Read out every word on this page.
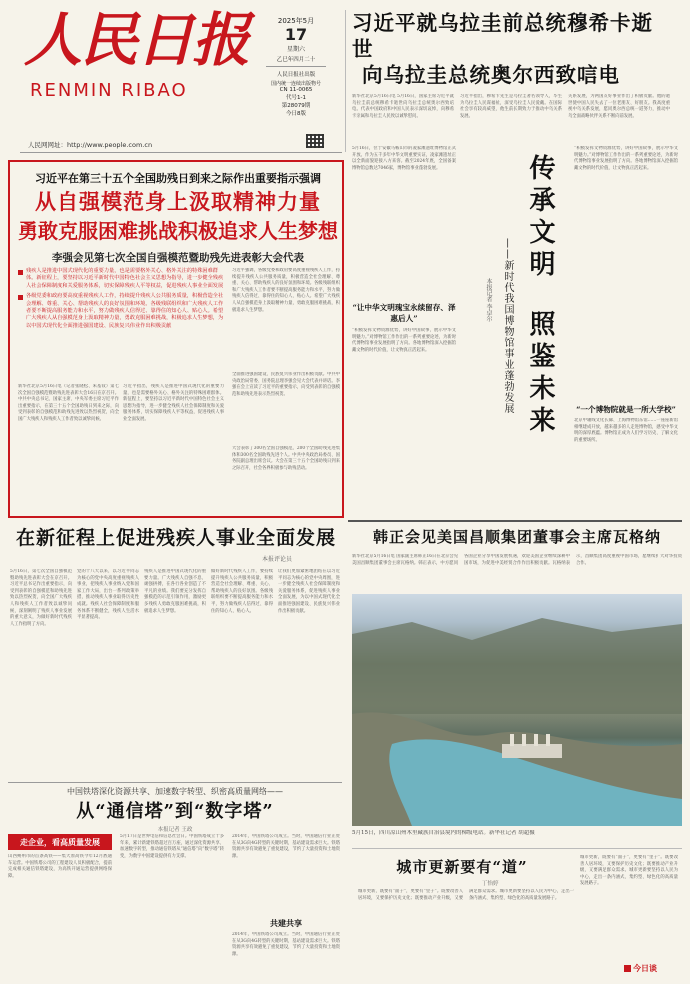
人民日报
RENMIN RIBAO
人民网网址：http://www.people.com.cn
2025年5月
17
星期六
乙巳年四月二十
人民日报社出版
国内统一连续出版物号
CN 11-0065
代号1-1
第28079期
今日8版
习近平就乌拉圭前总统穆希卡逝世
向乌拉圭总统奥尔西致唁电
新华社北京5月16日电 5月16日，国家主席习近平就乌拉圭前总统穆希卡逝世向乌拉圭总统奥尔西致唁电。代表中国政府和中国人民表示深切哀悼，向穆希卡亲属和乌拉圭人民致以诚挚慰问。
习近平指出，穆希卡先生是乌拉圭著名领导人，毕生为乌拉圭人民谋福祉，深受乌拉圭人民爱戴。在国际社会享有较高威望，他生前长期致力于推动中乌关系发展。
关系发展，为两国友好事业作出了积极贡献。他的逝世使中国人民失去了一位老朋友、好朋友。我高度重视中乌关系发展，愿同奥尔西总统一道努力，推动中乌全面战略伙伴关系不断向前发展。
习近平在第三十五个全国助残日到来之际作出重要指示强调
从自强模范身上汲取精神力量
勇敢克服困难挑战积极追求人生梦想
李强会见第七次全国自强模范暨助残先进表彰大会代表
残疾人是推进中国式现代化的重要力量，也是需要格外关心、格外关注的特殊困难群体。新征程上，要坚持以习近平新时代中国特色社会主义思想为指导，进一步健全残疾人社会保障制度和关爱服务体系，切实保障残疾人平等权益，促进残疾人事业全面发展
各级党委和政府要高度重视残疾人工作，持续提升残疾人公共服务质量，积极营造全社会理解、尊重、关心、帮助残疾人的良好氛围和环境。各级残联组织和广大残疾人工作者要不断提高服务能力和水平，努力做残疾人信得过、靠得住的知心人、贴心人。希望广大残疾人从自强模范身上汲取精神力量，勇敢克服困难挑战，积极追求人生梦想，为以中国式现代化全面推进强国建设、民族复兴伟业作出积极贡献
新华社北京5月16日电（记者张晓松、朱基钗）第七次全国自强模范暨助残先进表彰大会16日在京召开。中共中央总书记、国家主席、中央军委主席习近平作出重要指示，在第三十五个全国助残日到来之际，向受到表彰的自强模范和助残先进致以热烈祝贺，向全国广大残疾人和残疾人工作者致以诚挚问候。
习近平指出，残疾人是推进中国式现代化的重要力量，也是需要格外关心、格外关注的特殊困难群体。新征程上，要坚持以习近平新时代中国特色社会主义思想为指导，进一步健全残疾人社会保障制度和关爱服务体系，切实保障残疾人平等权益，促进残疾人事业全面发展。
习近平强调，各级党委和政府要高度重视残疾人工作，持续提升残疾人公共服务质量，积极营造全社会理解、尊重、关心、帮助残疾人的良好氛围和环境。各级残联组织和广大残疾人工作者要不断提高服务能力和水平，努力做残疾人信得过、靠得住的知心人、贴心人。希望广大残疾人从自强模范身上汲取精神力量，勇敢克服困难挑战，积极追求人生梦想。
全面推进强国建设、民族复兴伟业作出积极贡献。中共中央政治局常委、国务院总理李强会见大会代表并讲话。李强在会上宣读了习近平的重要指示，向受到表彰的自强模范和助残先进表示热烈祝贺。
大会表彰了300名全国自强模范、200个全国助残先进集体和300名全国助残先进个人。中共中央政治局委员、国务院副总理出席会议。大会在第三十五个全国助残日到来之际召开，社会各界积极参与助残活动。
5月16日，位于安徽马鞍山市的凌家滩遗址博物馆正式开放。作为五千多年中华文明重要实证，凌家滩遗址正以全新面貌迎接八方来客。截至2024年底，全国备案博物馆总数达7046家，博物馆事业蓬勃发展。	传承文明
照鉴未来
——新时代我国博物馆事业蓬勃发展
本报记者 李卓尔
“让中华文明瑰宝永续留存、泽惠后人”
“积极发挥文物资源优势，讲好中国故事，展示中华文明魅力。”对博物馆工作作出的一系列重要论述，为新时代博物馆事业发展指明了方向。各地博物馆深入挖掘馆藏文物的时代价值，让文物真正活起来。
“积极发挥文物资源优势，讲好中国故事，展示中华文明魅力。”对博物馆工作作出的一系列重要论述，为新时代博物馆事业发展指明了方向。各地博物馆深入挖掘馆藏文物的时代价值，让文物真正活起来。
“一个博物院就是一所大学校”
北京中轴线文化长廊、上海博物馆东馆……一座座新馆相继建成开放，越来越多的人走进博物馆，感受中华文明的深厚底蕴。博物馆正成为人们学习历史、了解文化的重要场所。
在新征程上促进残疾人事业全面发展
本报评论员
5月16日，第七次全国自强模范暨助残先进表彰大会在京召开。习近平总书记作出重要指示，向受到表彰的自强模范和助残先进致以热烈祝贺，向全国广大残疾人和残疾人工作者致以诚挚问候，深刻阐明了残疾人事业发展的重大意义，为做好新时代残疾人工作指明了方向。
党的十八大以来，以习近平同志为核心的党中央高度重视残疾人事业，把残疾人事业纳入党和国家工作大局，出台一系列政策举措，推动残疾人事业取得历史性成就。残疾人社会保障制度和服务体系不断健全，残疾人生活水平显著提高。
残疾人是推进中国式现代化的重要力量。广大残疾人自强不息、顽强拼搏，在各行各业创造了不平凡的业绩。我们要充分发挥自强模范的示范引领作用，激励更多残疾人勇敢克服困难挑战，积极追求人生梦想。
做好新时代残疾人工作，要持续提升残疾人公共服务质量，积极营造全社会理解、尊重、关心、帮助残疾人的良好氛围。各级残联组织要不断提高服务能力和水平，努力做残疾人信得过、靠得住的知心人、贴心人。
让我们更加紧密地团结在以习近平同志为核心的党中央周围，进一步健全残疾人社会保障制度和关爱服务体系，促进残疾人事业全面发展，为以中国式现代化全面推进强国建设、民族复兴伟业作出积极贡献。
韩正会见美国昌顺集团董事会主席瓦格纳
新华社北京5月16日电 国家副主席韩正16日在北京会见美国昌顺集团董事会主席瓦格纳。韩正表示，中方愿同各国企业分享中国发展机遇，欢迎美国企业继续深耕中国市场，为促进中美经贸合作作出积极贡献。瓦格纳表示，昌顺集团高度重视中国市场，愿继续扩大对华投资合作。
5月15日，四川凉山州木里藏族自治县境内的梯级电站。新华社记者 胡超摄
中国铁塔深化资源共享、加速数字转型、织密高质量网络——
从“通信塔”到“数字塔”
本报记者 王政
走企业，看高质量发展
山西朔州市的首条高铁——集大原高铁今年12月底通车运营。中国铁塔公司的工程建设人员积极配合，提前完成相关通信铁塔建设，为高铁开通运营提供网络保障。
5月17日是世界电信和信息社会日。中国铁塔成立十多年来，累计新建铁塔超过百万座，通过深化资源共享、加速数字转型，推动通信铁塔从“通信塔”向“数字塔”转变，为数字中国建设提供有力支撑。
2014年，中国铁塔公司成立。当时，中国通信行业正处在从3G向4G转型的关键时期，基站建设需求巨大。铁塔资源共享有效避免了重复建设，节约了大量投资和土地资源。
共建共享
2014年，中国铁塔公司成立。当时，中国通信行业正处在从3G向4G转型的关键时期，基站建设需求巨大。铁塔资源共享有效避免了重复建设，节约了大量投资和土地资源。
城市更新要有“道”
丁怡婷
城市更新，既要有“面子”，更要有“里子”。既要改善人居环境，又要保护历史文化；既要推动产业升级，又要满足群众需求。城市更新要坚持以人民为中心，走出一条内涵式、集约型、绿色化的高质量发展路子。
城市更新，既要有“面子”，更要有“里子”。既要改善人居环境，又要保护历史文化；既要推动产业升级，又要满足群众需求。城市更新要坚持以人民为中心，走出一条内涵式、集约型、绿色化的高质量发展路子。
今日谈
